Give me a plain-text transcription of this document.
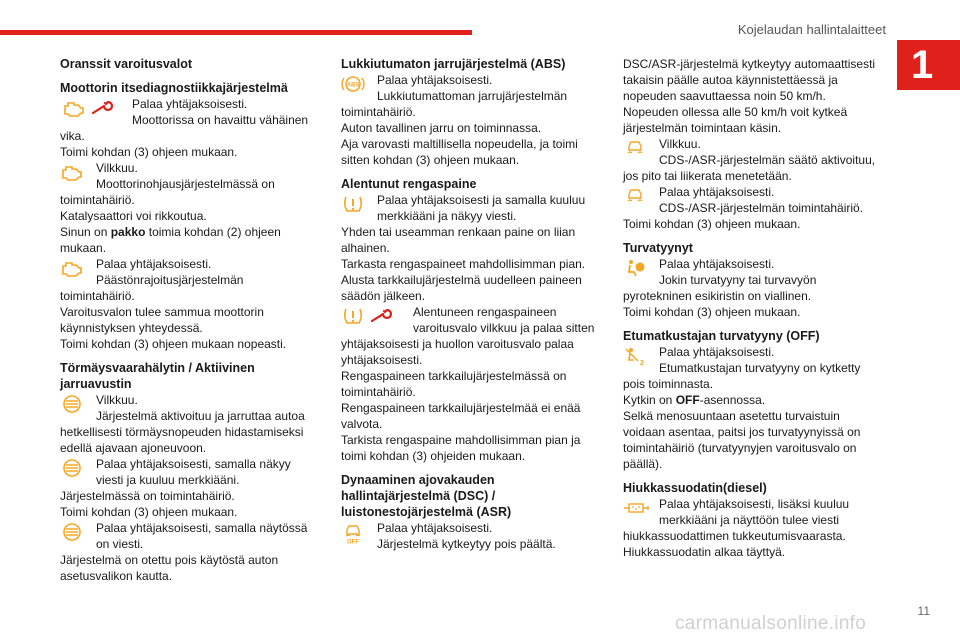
Kojelaudan hallintalaitteet
1

Oranssit varoitusvalot

Moottorin itsediagnostiikkajärjestelmä

Palaa yhtäjaksoisesti.

Moottorissa on havaittu vähäinen

vika.

Toimi kohdan (3) ohjeen mukaan.

Vilkkuu.

Moottorinohjausjärjestelmässä on

toimintahäiriö.

Katalysaattori voi rikkoutua.

Sinun on pakko toimia kohdan (2) ohjeen

mukaan.

Palaa yhtäjaksoisesti.

Päästönrajoitusjärjestelmän

toimintahäiriö.

Varoitusvalon tulee sammua moottorin

käynnistyksen yhteydessä.

Toimi kohdan (3) ohjeen mukaan nopeasti.

Törmäysvaarahälytin / Aktiivinen

jarruavustin

Vilkkuu.

Järjestelmä aktivoituu ja jarruttaa autoa

hetkellisesti törmäysnopeuden hidastamiseksi

edellä ajavaan ajoneuvoon.

Palaa yhtäjaksoisesti, samalla näkyy

viesti ja kuuluu merkkiääni.

Järjestelmässä on toimintahäiriö.

Toimi kohdan (3) ohjeen mukaan.

Palaa yhtäjaksoisesti, samalla näytössä

on viesti.

Järjestelmä on otettu pois käytöstä auton

asetusvalikon kautta.

Lukkiutumaton jarrujärjestelmä (ABS)

ABS Palaa yhtäjaksoisesti.

Lukkiutumattoman jarrujärjestelmän

toimintahäiriö.

Auton tavallinen jarru on toiminnassa.

Aja varovasti maltillisella nopeudella, ja toimi

sitten kohdan (3) ohjeen mukaan.

Alentunut rengaspaine

Palaa yhtäjaksoisesti ja samalla kuuluu

merkkiääni ja näkyy viesti.

Yhden tai useamman renkaan paine on liian

alhainen.

Tarkasta rengaspaineet mahdollisimman pian.

Alusta tarkkailujärjestelmä uudelleen paineen

säädön jälkeen.

Alentuneen rengaspaineen

varoitusvalo vilkkuu ja palaa sitten

yhtäjaksoisesti ja huollon varoitusvalo palaa

yhtäjaksoisesti.

Rengaspaineen tarkkailujärjestelmässä on

toimintahäiriö.

Rengaspaineen tarkkailujärjestelmää ei enää

valvota.

Tarkista rengaspaine mahdollisimman pian ja

toimi kohdan (3) ohjeiden mukaan.

Dynaaminen ajovakauden

hallintajärjestelmä (DSC) /

luistonestojärjestelmä (ASR)

OFF

Palaa yhtäjaksoisesti.

Järjestelmä kytkeytyy pois päältä.

DSC/ASR-järjestelmä kytkeytyy automaattisesti

takaisin päälle autoa käynnistettäessä ja

nopeuden saavuttaessa noin 50 km/h.

Nopeuden ollessa alle 50 km/h voit kytkeä

järjestelmän toimintaan käsin.

Vilkkuu.

CDS-/ASR-järjestelmän säätö aktivoituu,

jos pito tai liikerata menetetään.

Palaa yhtäjaksoisesti.

CDS-/ASR-järjestelmän toimintahäiriö.

Toimi kohdan (3) ohjeen mukaan.

Turvatyynyt

Palaa yhtäjaksoisesti.

Jokin turvatyyny tai turvavyön

pyrotekninen esikiristin on viallinen.

Toimi kohdan (3) ohjeen mukaan.

Etumatkustajan turvatyyny (OFF)

2

Palaa yhtäjaksoisesti.

Etumatkustajan turvatyyny on kytketty

pois toiminnasta.

Kytkin on OFF-asennossa.

Selkä menosuuntaan asetettu turvaistuin

voidaan asentaa, paitsi jos turvatyynyissä on

toimintahäiriö (turvatyynyjen varoitusvalo on

päällä).

Hiukkassuodatin(diesel)

Palaa yhtäjaksoisesti, lisäksi kuuluu

merkkiääni ja näyttöön tulee viesti

hiukkassuodattimen tukkeutumisvaarasta.

Hiukkassuodatin alkaa täyttyä.

carmanualsonline.info
11
